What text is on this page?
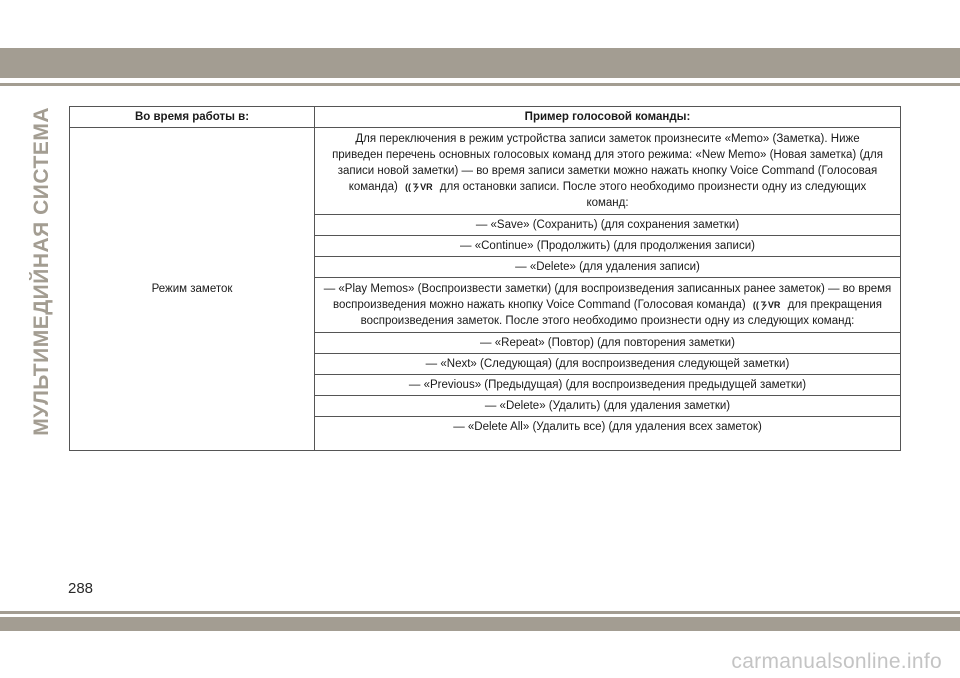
МУЛЬТИМЕДИЙНАЯ СИСТЕМА	Во время работы в:	Пример голосовой команды:
Режим заметок	Для переключения в режим устройства записи заметок произнесите «Memo» (Заметка). Ниже приведен перечень основных голосовых команд для этого режима: «New Memo» (Новая заметка) (для записи новой заметки) — во время записи заметки можно нажать кнопку Voice Command (Голосовая команда) (( VR для остановки записи. После этого необходимо произнести одну из следующих команд:
	— «Save» (Сохранить) (для сохранения заметки)
	— «Continue» (Продолжить) (для продолжения записи)
	— «Delete» (для удаления записи)
	— «Play Memos» (Воспроизвести заметки) (для воспроизведения записанных ранее заметок) — во время воспроизведения можно нажать кнопку Voice Command (Голосовая команда) (( VR для прекращения воспроизведения заметок. После этого необходимо произнести одну из следующих команд:
	— «Repeat» (Повтор) (для повторения заметки)
	— «Next» (Следующая) (для воспроизведения следующей заметки)
	— «Previous» (Предыдущая) (для воспроизведения предыдущей заметки)
	— «Delete» (Удалить) (для удаления заметки)
	— «Delete All» (Удалить все) (для удаления всех заметок)
288
carmanualsonline.info
